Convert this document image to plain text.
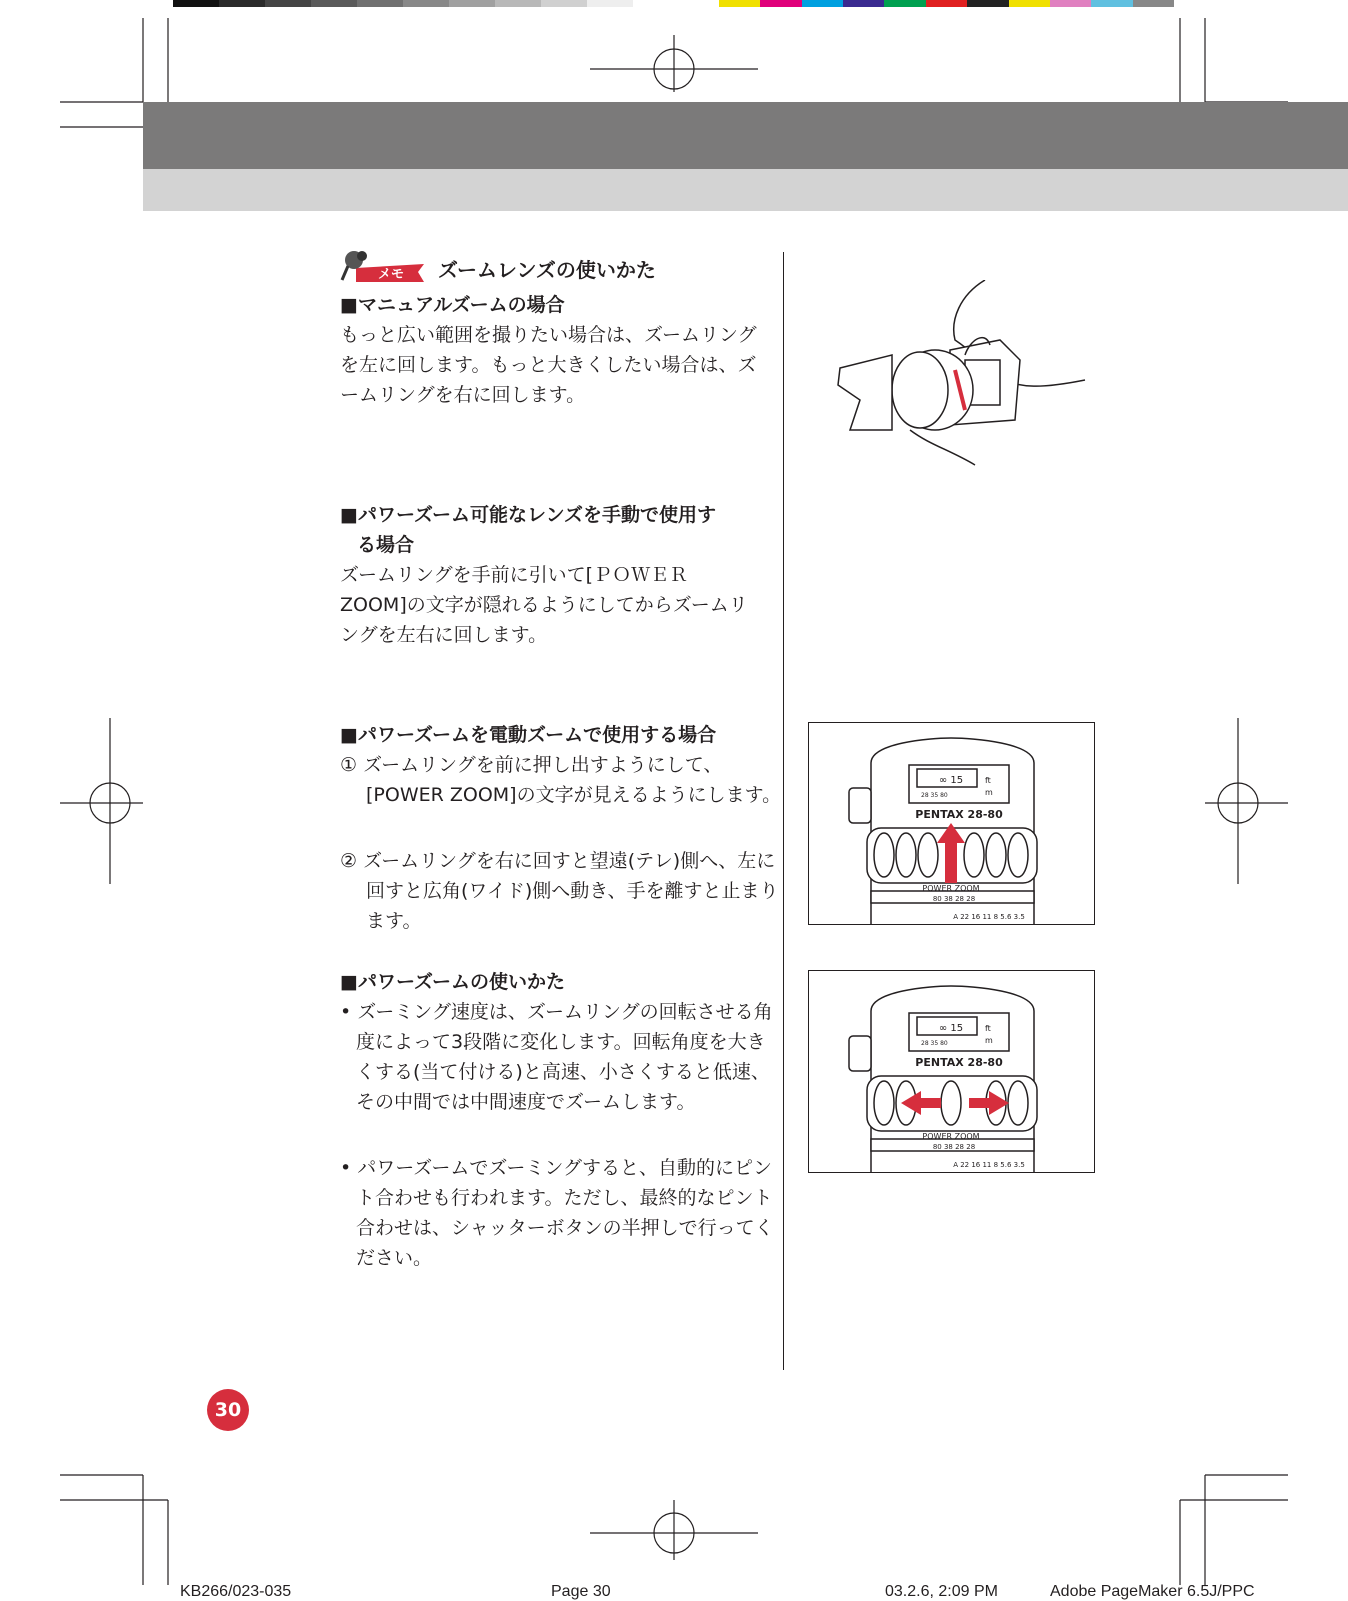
メモ ズームレンズの使いかた
■マニュアルズームの場合
もっと広い範囲を撮りたい場合は、ズームリングを左に回します。もっと大きくしたい場合は、ズームリングを右に回します。
■パワーズーム可能なレンズを手動で使用す
る場合
ズームリングを手前に引いて[ＰＯＷＥＲ ZOOM]の文字が隠れるようにしてからズームリングを左右に回します。
■パワーズームを電動ズームで使用する場合
① ズームリングを前に押し出すようにして、[POWER ZOOM]の文字が見えるようにします。
② ズームリングを右に回すと望遠(テレ)側へ、左に回すと広角(ワイド)側へ動き、手を離すと止まります。
■パワーズームの使いかた
• ズーミング速度は、ズームリングの回転させる角度によって3段階に変化します。回転角度を大きくする(当て付ける)と高速、小さくすると低速、その中間では中間速度でズームします。
• パワーズームでズーミングすると、自動的にピント合わせも行われます。ただし、最終的なピント合わせは、シャッターボタンの半押しで行ってください。
∞ 15
28 35 80
ft
m
PENTAX 28-80
POWER ZOOM
80 38 28 28
A 22 16 11 8 5.6 3.5
∞ 15
28 35 80
ft
m
PENTAX 28-80
POWER ZOOM
80 38 28 28
A 22 16 11 8 5.6 3.5
30
KB266/023-035	Page 30	03.2.6, 2:09 PM	Adobe PageMaker 6.5J/PPC
